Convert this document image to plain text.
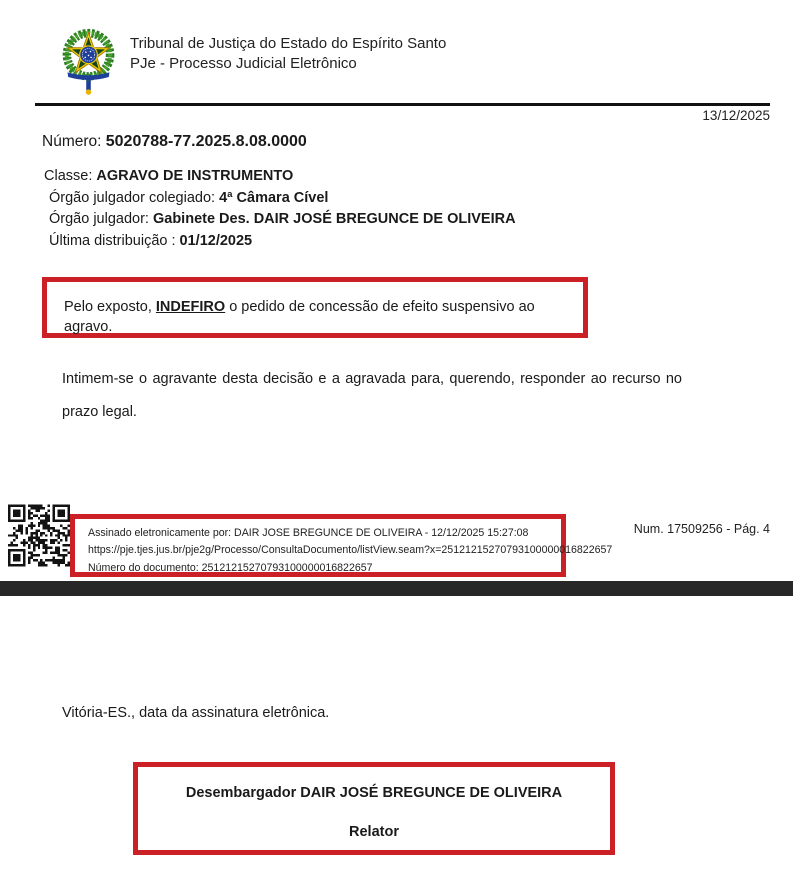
Tribunal de Justiça do Estado do Espírito Santo
PJe - Processo Judicial Eletrônico
13/12/2025
Número: 5020788-77.2025.8.08.0000
Classe: AGRAVO DE INSTRUMENTO
Órgão julgador colegiado: 4ª Câmara Cível
Órgão julgador: Gabinete Des. DAIR JOSÉ BREGUNCE DE OLIVEIRA
Última distribuição : 01/12/2025
Pelo exposto, INDEFIRO o pedido de concessão de efeito suspensivo ao agravo.
Intimem-se o agravante desta decisão e a agravada para, querendo, responder ao recurso no prazo legal.
Assinado eletronicamente por: DAIR JOSE BREGUNCE DE OLIVEIRA - 12/12/2025 15:27:08
https://pje.tjes.jus.br/pje2g/Processo/ConsultaDocumento/listView.seam?x=25121215270793100000016822657
Número do documento: 25121215270793100000016822657
Num. 17509256 - Pág. 4
Vitória-ES., data da assinatura eletrônica.
Desembargador DAIR JOSÉ BREGUNCE DE OLIVEIRA
Relator
